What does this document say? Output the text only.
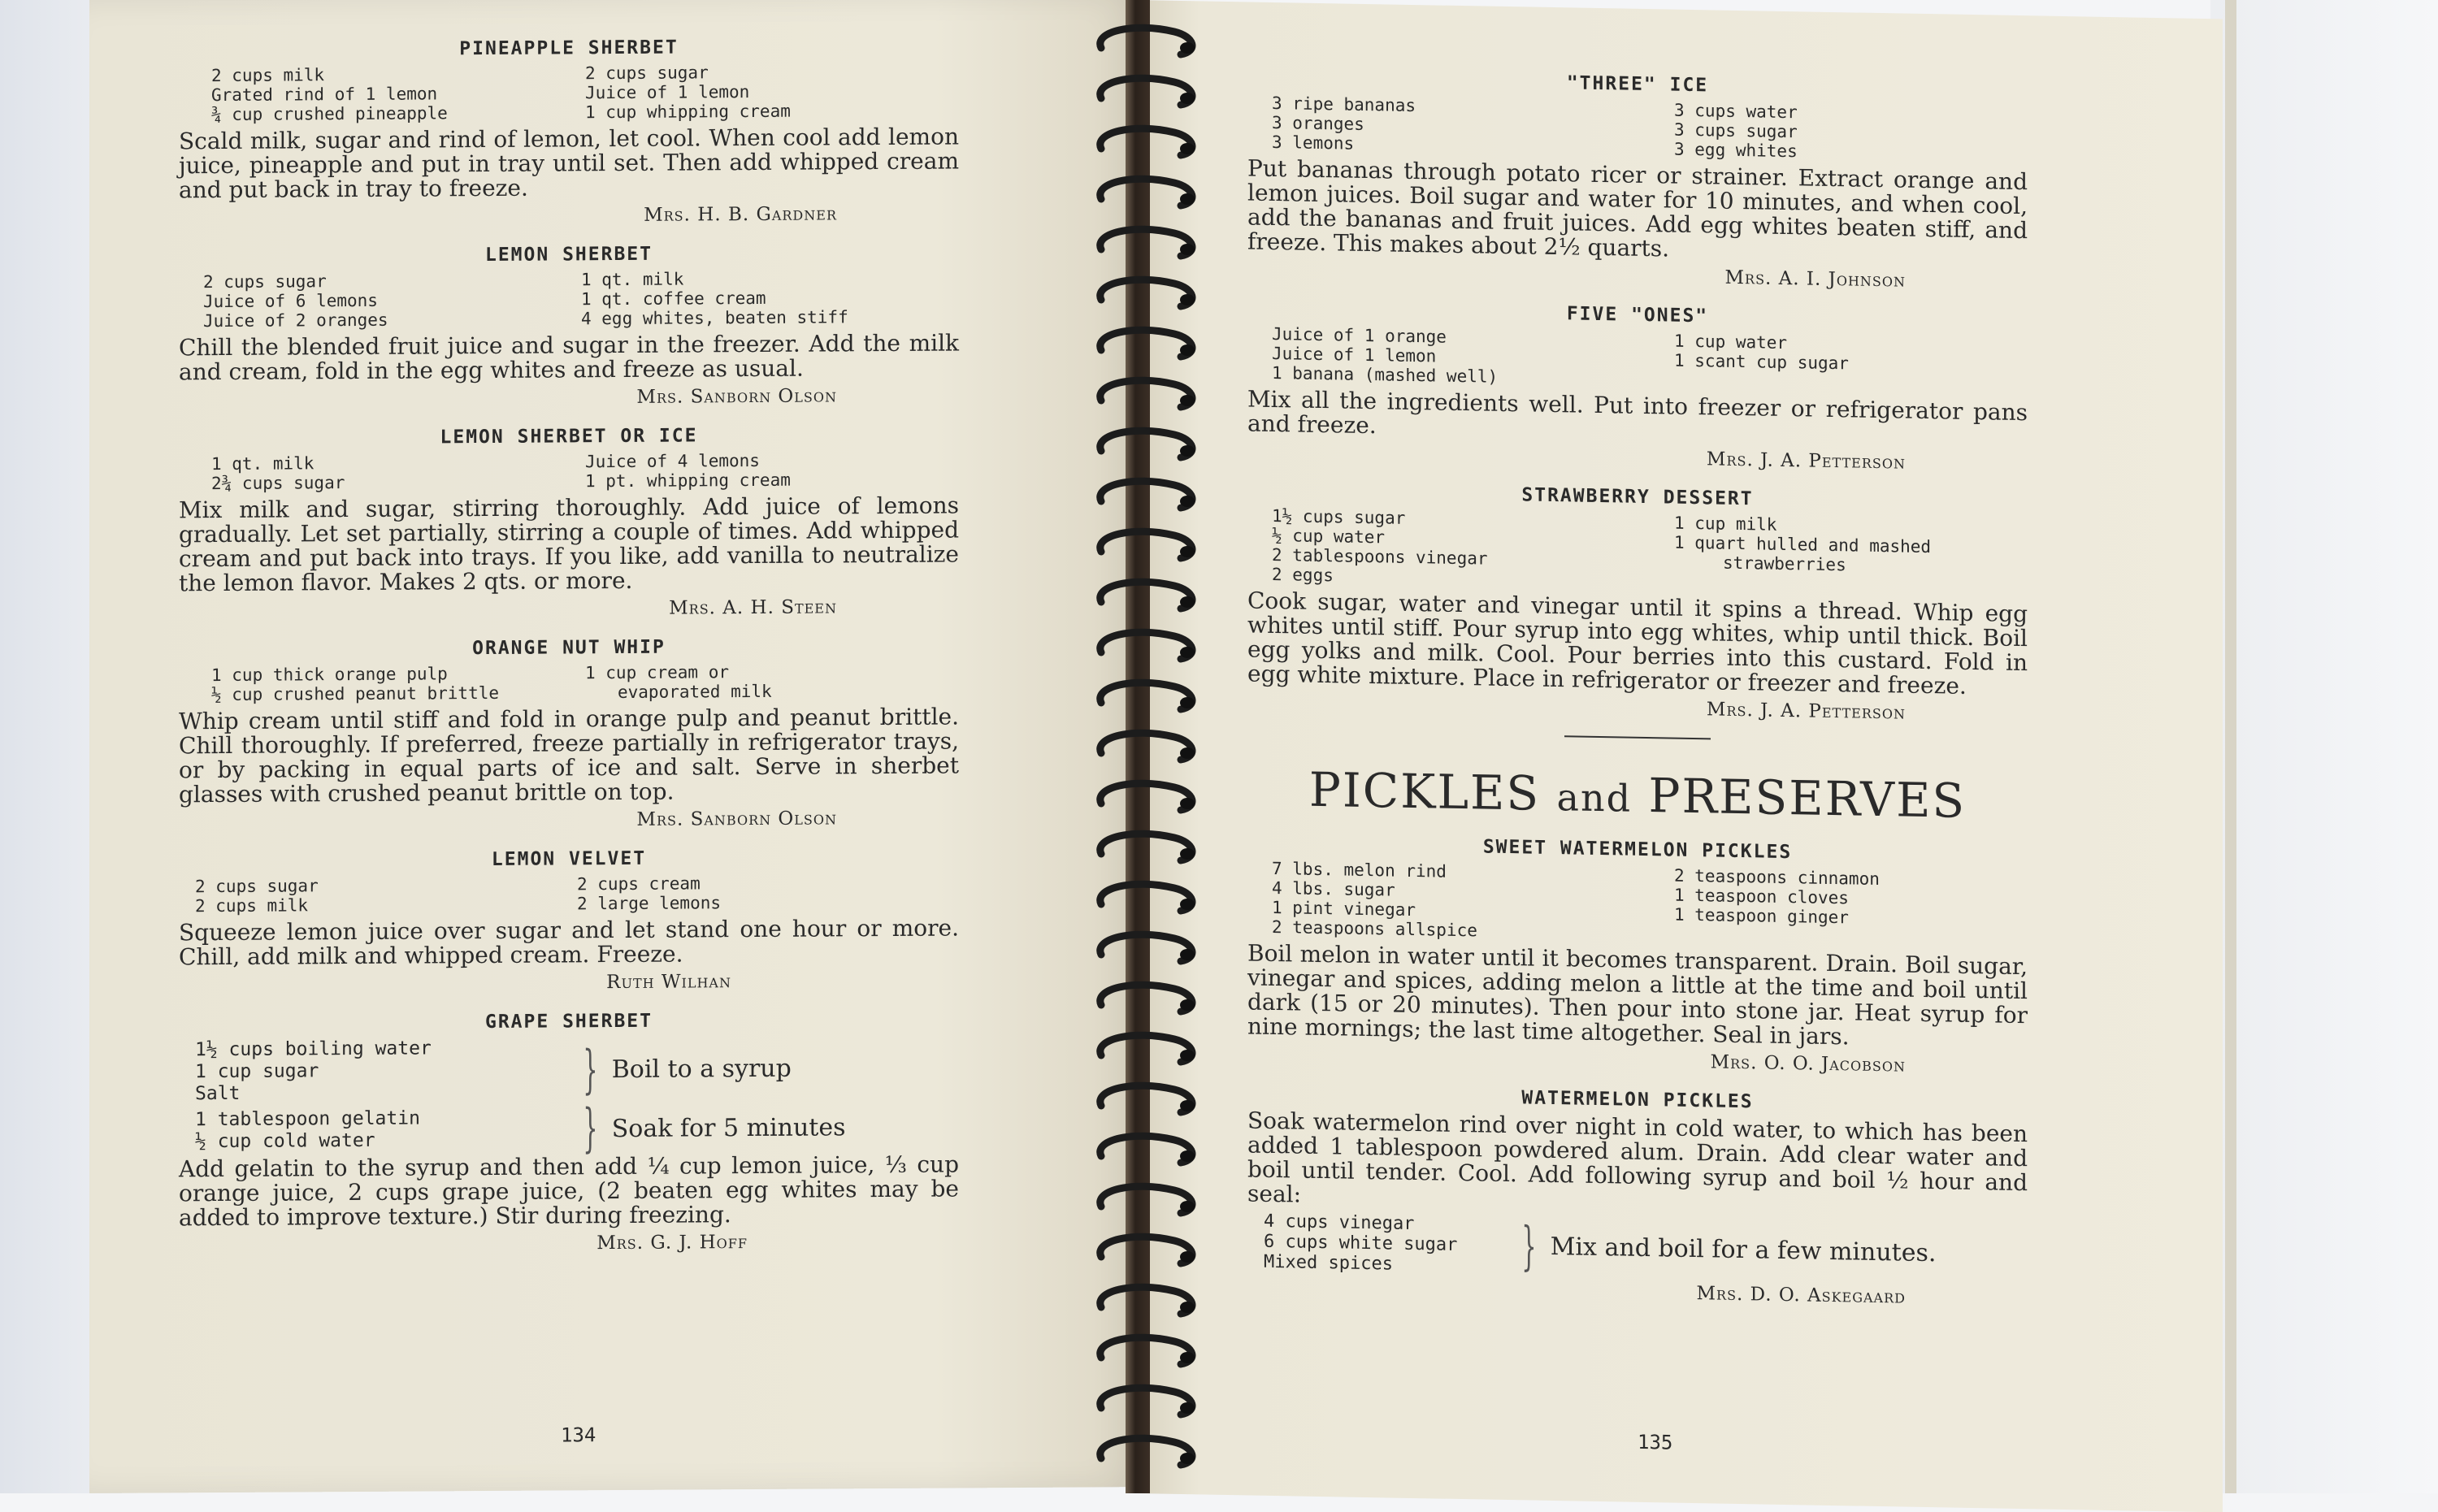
PINEAPPLE SHERBET
2 cups milk
Grated rind of 1 lemon
¾ cup crushed pineapple
2 cups sugar
Juice of 1 lemon
1 cup whipping cream
Scald milk, sugar and rind of lemon, let cool. When cool add lemon juice, pineapple and put in tray until set. Then add whipped cream and put back in tray to freeze.
Mrs. H. B. Gardner
LEMON SHERBET
2 cups sugar
Juice of 6 lemons
Juice of 2 oranges
1 qt. milk
1 qt. coffee cream
4 egg whites, beaten stiff
Chill the blended fruit juice and sugar in the freezer. Add the milk and cream, fold in the egg whites and freeze as usual.
Mrs. Sanborn Olson
LEMON SHERBET OR ICE
1 qt. milk
2¾ cups sugar
Juice of 4 lemons
1 pt. whipping cream
Mix milk and sugar, stirring thoroughly. Add juice of lemons gradually. Let set partially, stirring a couple of times. Add whipped cream and put back into trays. If you like, add vanilla to neutralize the lemon flavor. Makes 2 qts. or more.
Mrs. A. H. Steen
ORANGE NUT WHIP
1 cup thick orange pulp
½ cup crushed peanut brittle
1 cup cream or
evaporated milk
Whip cream until stiff and fold in orange pulp and peanut brittle. Chill thoroughly. If preferred, freeze partially in refrigerator trays, or by packing in equal parts of ice and salt. Serve in sherbet glasses with crushed peanut brittle on top.
Mrs. Sanborn Olson
LEMON VELVET
2 cups sugar
2 cups milk
2 cups cream
2 large lemons
Squeeze lemon juice over sugar and let stand one hour or more. Chill, add milk and whipped cream. Freeze.
Ruth Wilhan
GRAPE SHERBET
1½ cups boiling water
1 cup sugar
Salt	} Boil to a syrup
1 tablespoon gelatin
½ cup cold water	} Soak for 5 minutes
Add gelatin to the syrup and then add ¼ cup lemon juice, ⅓ cup orange juice, 2 cups grape juice, (2 beaten egg whites may be added to improve texture.) Stir during freezing.
Mrs. G. J. Hoff
134
"THREE" ICE
3 ripe bananas
3 oranges
3 lemons
3 cups water
3 cups sugar
3 egg whites
Put bananas through potato ricer or strainer. Extract orange and lemon juices. Boil sugar and water for 10 minutes, and when cool, add the bananas and fruit juices. Add egg whites beaten stiff, and freeze. This makes about 2½ quarts.
Mrs. A. I. Johnson
FIVE "ONES"
Juice of 1 orange
Juice of 1 lemon
1 banana (mashed well)
1 cup water
1 scant cup sugar
Mix all the ingredients well. Put into freezer or refrigerator pans and freeze.
Mrs. J. A. Petterson
STRAWBERRY DESSERT
1½ cups sugar
½ cup water
2 tablespoons vinegar
2 eggs
1 cup milk
1 quart hulled and mashed
strawberries
Cook sugar, water and vinegar until it spins a thread. Whip egg whites until stiff. Pour syrup into egg whites, whip until thick. Boil egg yolks and milk. Cool. Pour berries into this custard. Fold in egg white mixture. Place in refrigerator or freezer and freeze.
Mrs. J. A. Petterson
PICKLES and PRESERVES
SWEET WATERMELON PICKLES
7 lbs. melon rind
4 lbs. sugar
1 pint vinegar
2 teaspoons allspice
2 teaspoons cinnamon
1 teaspoon cloves
1 teaspoon ginger
Boil melon in water until it becomes transparent. Drain. Boil sugar, vinegar and spices, adding melon a little at the time and boil until dark (15 or 20 minutes). Then pour into stone jar. Heat syrup for nine mornings; the last time altogether. Seal in jars.
Mrs. O. O. Jacobson
WATERMELON PICKLES
Soak watermelon rind over night in cold water, to which has been added 1 tablespoon powdered alum. Drain. Add clear water and boil until tender. Cool. Add following syrup and boil ½ hour and seal:
4 cups vinegar
6 cups white sugar
Mixed spices	} Mix and boil for a few minutes.
Mrs. D. O. Askegaard
135
